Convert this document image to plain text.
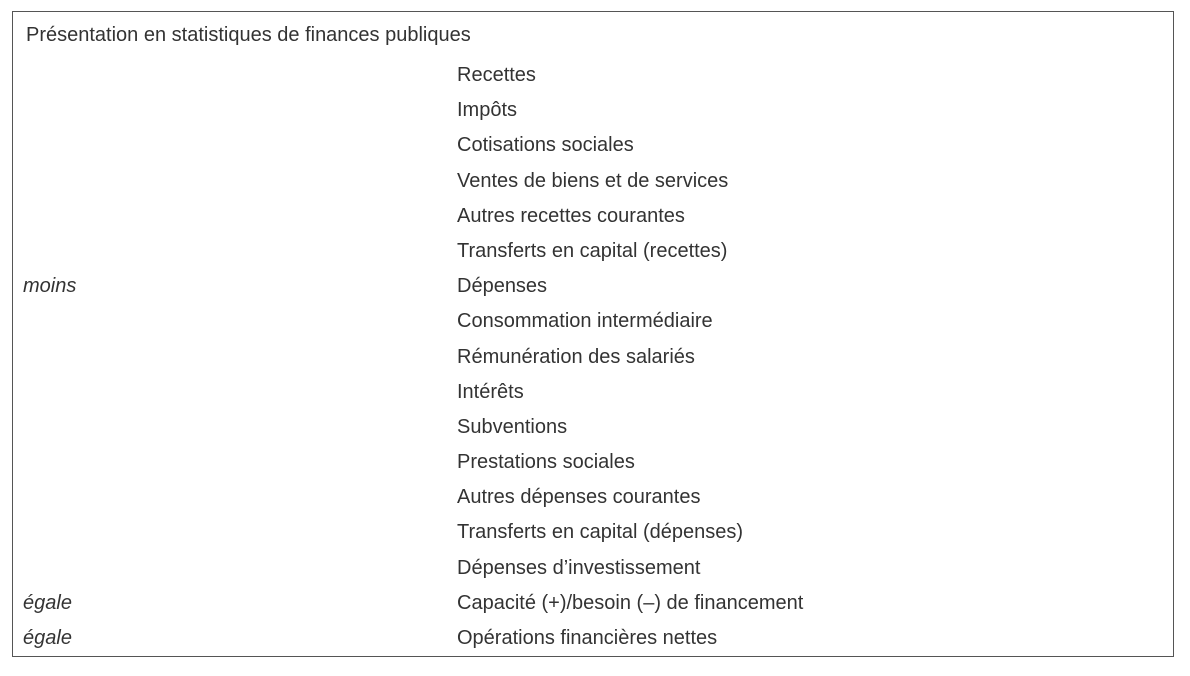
Présentation en statistiques de finances publiques
Recettes
Impôts
Cotisations sociales
Ventes de biens et de services
Autres recettes courantes
Transferts en capital (recettes)
moins	Dépenses
Consommation intermédiaire
Rémunération des salariés
Intérêts
Subventions
Prestations sociales
Autres dépenses courantes
Transferts en capital (dépenses)
Dépenses d’investissement
égale	Capacité (+)/besoin (–) de financement
égale	Opérations financières nettes
